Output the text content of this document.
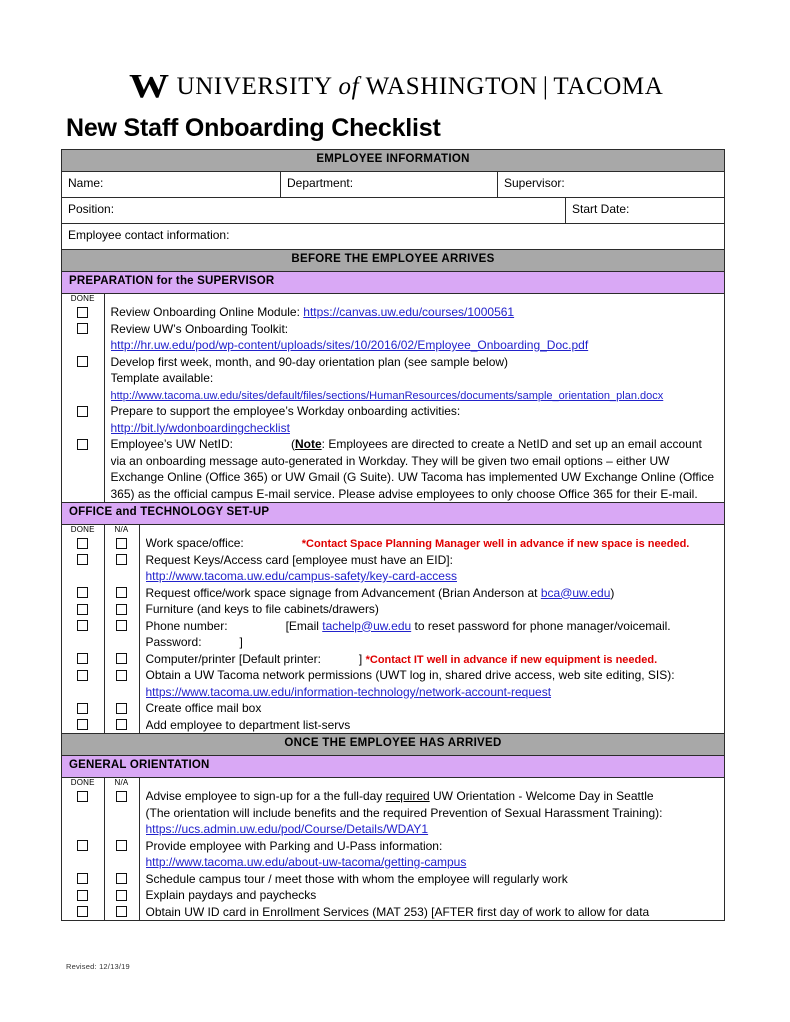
W UNIVERSITY of WASHINGTON | TACOMA
New Staff Onboarding Checklist
EMPLOYEE INFORMATION
Name:	Department:	Supervisor:
Position:	Start Date:
Employee contact information:
BEFORE THE EMPLOYEE ARRIVES
PREPARATION for the SUPERVISOR

DONE	

Review Onboarding Online Module: https://canvas.uw.edu/courses/1000561
Review UW’s Onboarding Toolkit:
http://hr.uw.edu/pod/wp-content/uploads/sites/10/2016/02/Employee_Onboarding_Doc.pdf
Develop first week, month, and 90-day orientation plan (see sample below)
Template available:
http://www.tacoma.uw.edu/sites/default/files/sections/HumanResources/documents/sample_orientation_plan.docx
Prepare to support the employee’s Workday onboarding activities:
http://bit.ly/wdonboardingchecklist
Employee’s UW NetID:	(Note: Employees are directed to create a NetID and set up an email account via an onboarding message auto-generated in Workday. They will be given two email options – either UW Exchange Online (Office 365) or UW Gmail (G Suite). UW Tacoma has implemented UW Exchange Online (Office 365) as the official campus E-mail service. Please advise employees to only choose Office 365 for their E-mail.

OFFICE and TECHNOLOGY SET-UP

DONE	N/A	

Work space/office:	*Contact Space Planning Manager well in advance if new space is needed.
Request Keys/Access card [employee must have an EID]:
http://www.tacoma.uw.edu/campus-safety/key-card-access
Request office/work space signage from Advancement (Brian Anderson at bca@uw.edu)
Furniture (and keys to file cabinets/drawers)
Phone number:	[Email tachelp@uw.edu to reset password for phone manager/voicemail.
Password:	]
Computer/printer [Default printer:	] *Contact IT well in advance if new equipment is needed.
Obtain a UW Tacoma network permissions (UWT log in, shared drive access, web site editing, SIS):
https://www.tacoma.uw.edu/information-technology/network-account-request
Create office mail box
Add employee to department list-servs

ONCE THE EMPLOYEE HAS ARRIVED
GENERAL ORIENTATION

DONE	N/A	

Advise employee to sign-up for a the full-day required UW Orientation - Welcome Day in Seattle
(The orientation will include benefits and the required Prevention of Sexual Harassment Training):
https://ucs.admin.uw.edu/pod/Course/Details/WDAY1
Provide employee with Parking and U-Pass information:
http://www.tacoma.uw.edu/about-uw-tacoma/getting-campus
Schedule campus tour / meet those with whom the employee will regularly work
Explain paydays and paychecks
Obtain UW ID card in Enrollment Services (MAT 253) [AFTER first day of work to allow for data
Revised: 12/13/19
